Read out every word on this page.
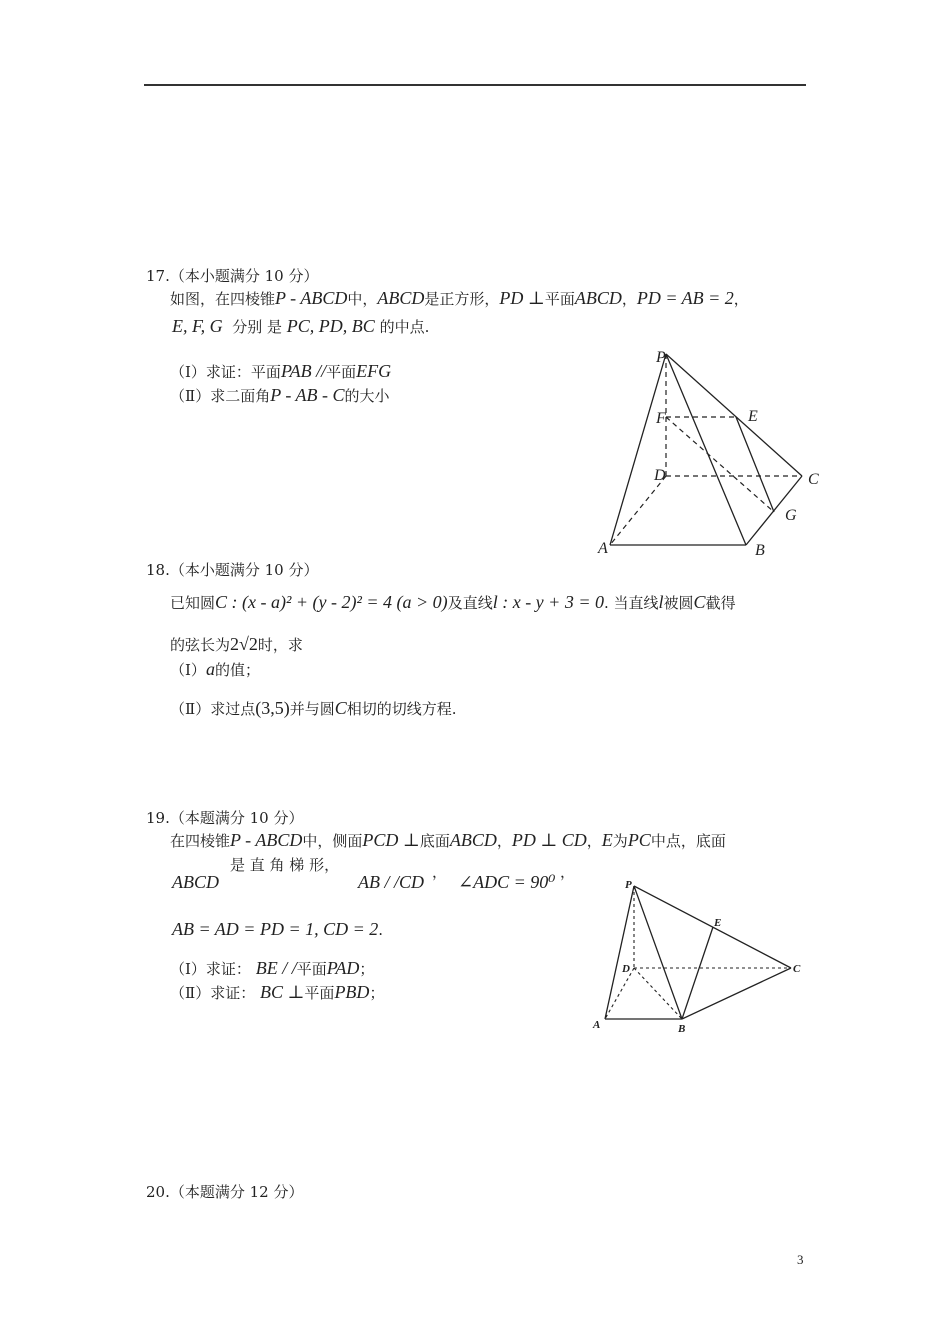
17.（本小题满分 10 分）
如图，在四棱锥P - ABCD中，ABCD是正方形，PD ⊥平面ABCD，PD = AB = 2，
E, F, G 分别 是 PC, PD, BC 的中点.
（Ⅰ）求证：平面PAB //平面EFG
（Ⅱ）求二面角P - AB - C的大小
P
F	E
D	C
G
A	B
18.（本小题满分 10 分）
已知圆C : (x - a)² + (y - 2)² = 4 (a > 0)及直线l : x - y + 3 = 0. 当直线l被圆C截得
的弦长为2√2时，求
（Ⅰ）a的值；
（Ⅱ）求过点(3,5)并与圆C相切的切线方程.
19.（本题满分 10 分）
在四棱锥P - ABCD中，侧面PCD ⊥底面ABCD，PD ⊥ CD，E为PC中点，底面
是 直 角 梯 形，
ABCD	AB / /CD ， ∠ADC = 90⁰ ，
AB = AD = PD = 1, CD = 2.
（Ⅰ）求证： BE / /平面PAD；
（Ⅱ）求证： BC ⊥平面PBD；
P
E
D	C
A	B
20.（本题满分 12 分）
3
